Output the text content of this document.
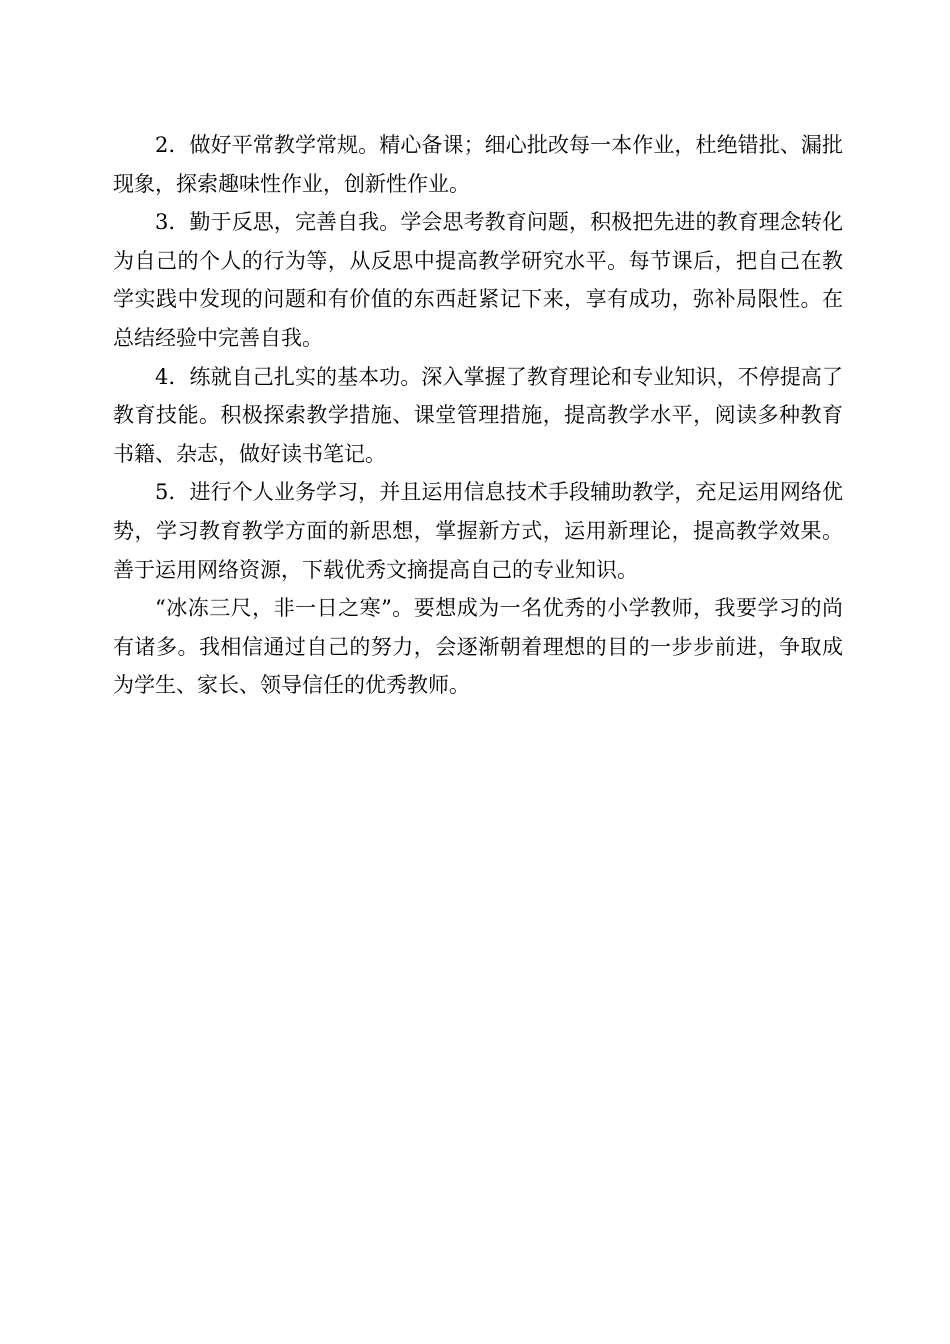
2．做好平常教学常规。精心备课；细心批改每一本作业，杜绝错批、漏批现象，探索趣味性作业，创新性作业。

3．勤于反思，完善自我。学会思考教育问题，积极把先进的教育理念转化为自己的个人的行为等，从反思中提高教学研究水平。每节课后，把自己在教学实践中发现的问题和有价值的东西赶紧记下来，享有成功，弥补局限性。在总结经验中完善自我。

4．练就自己扎实的基本功。深入掌握了教育理论和专业知识，不停提高了教育技能。积极探索教学措施、课堂管理措施，提高教学水平，阅读多种教育书籍、杂志，做好读书笔记。

5．进行个人业务学习，并且运用信息技术手段辅助教学，充足运用网络优势，学习教育教学方面的新思想，掌握新方式，运用新理论，提高教学效果。善于运用网络资源，下载优秀文摘提高自己的专业知识。

“冰冻三尺，非一日之寒”。要想成为一名优秀的小学教师，我要学习的尚有诸多。我相信通过自己的努力，会逐渐朝着理想的目的一步步前进，争取成为学生、家长、领导信任的优秀教师。
